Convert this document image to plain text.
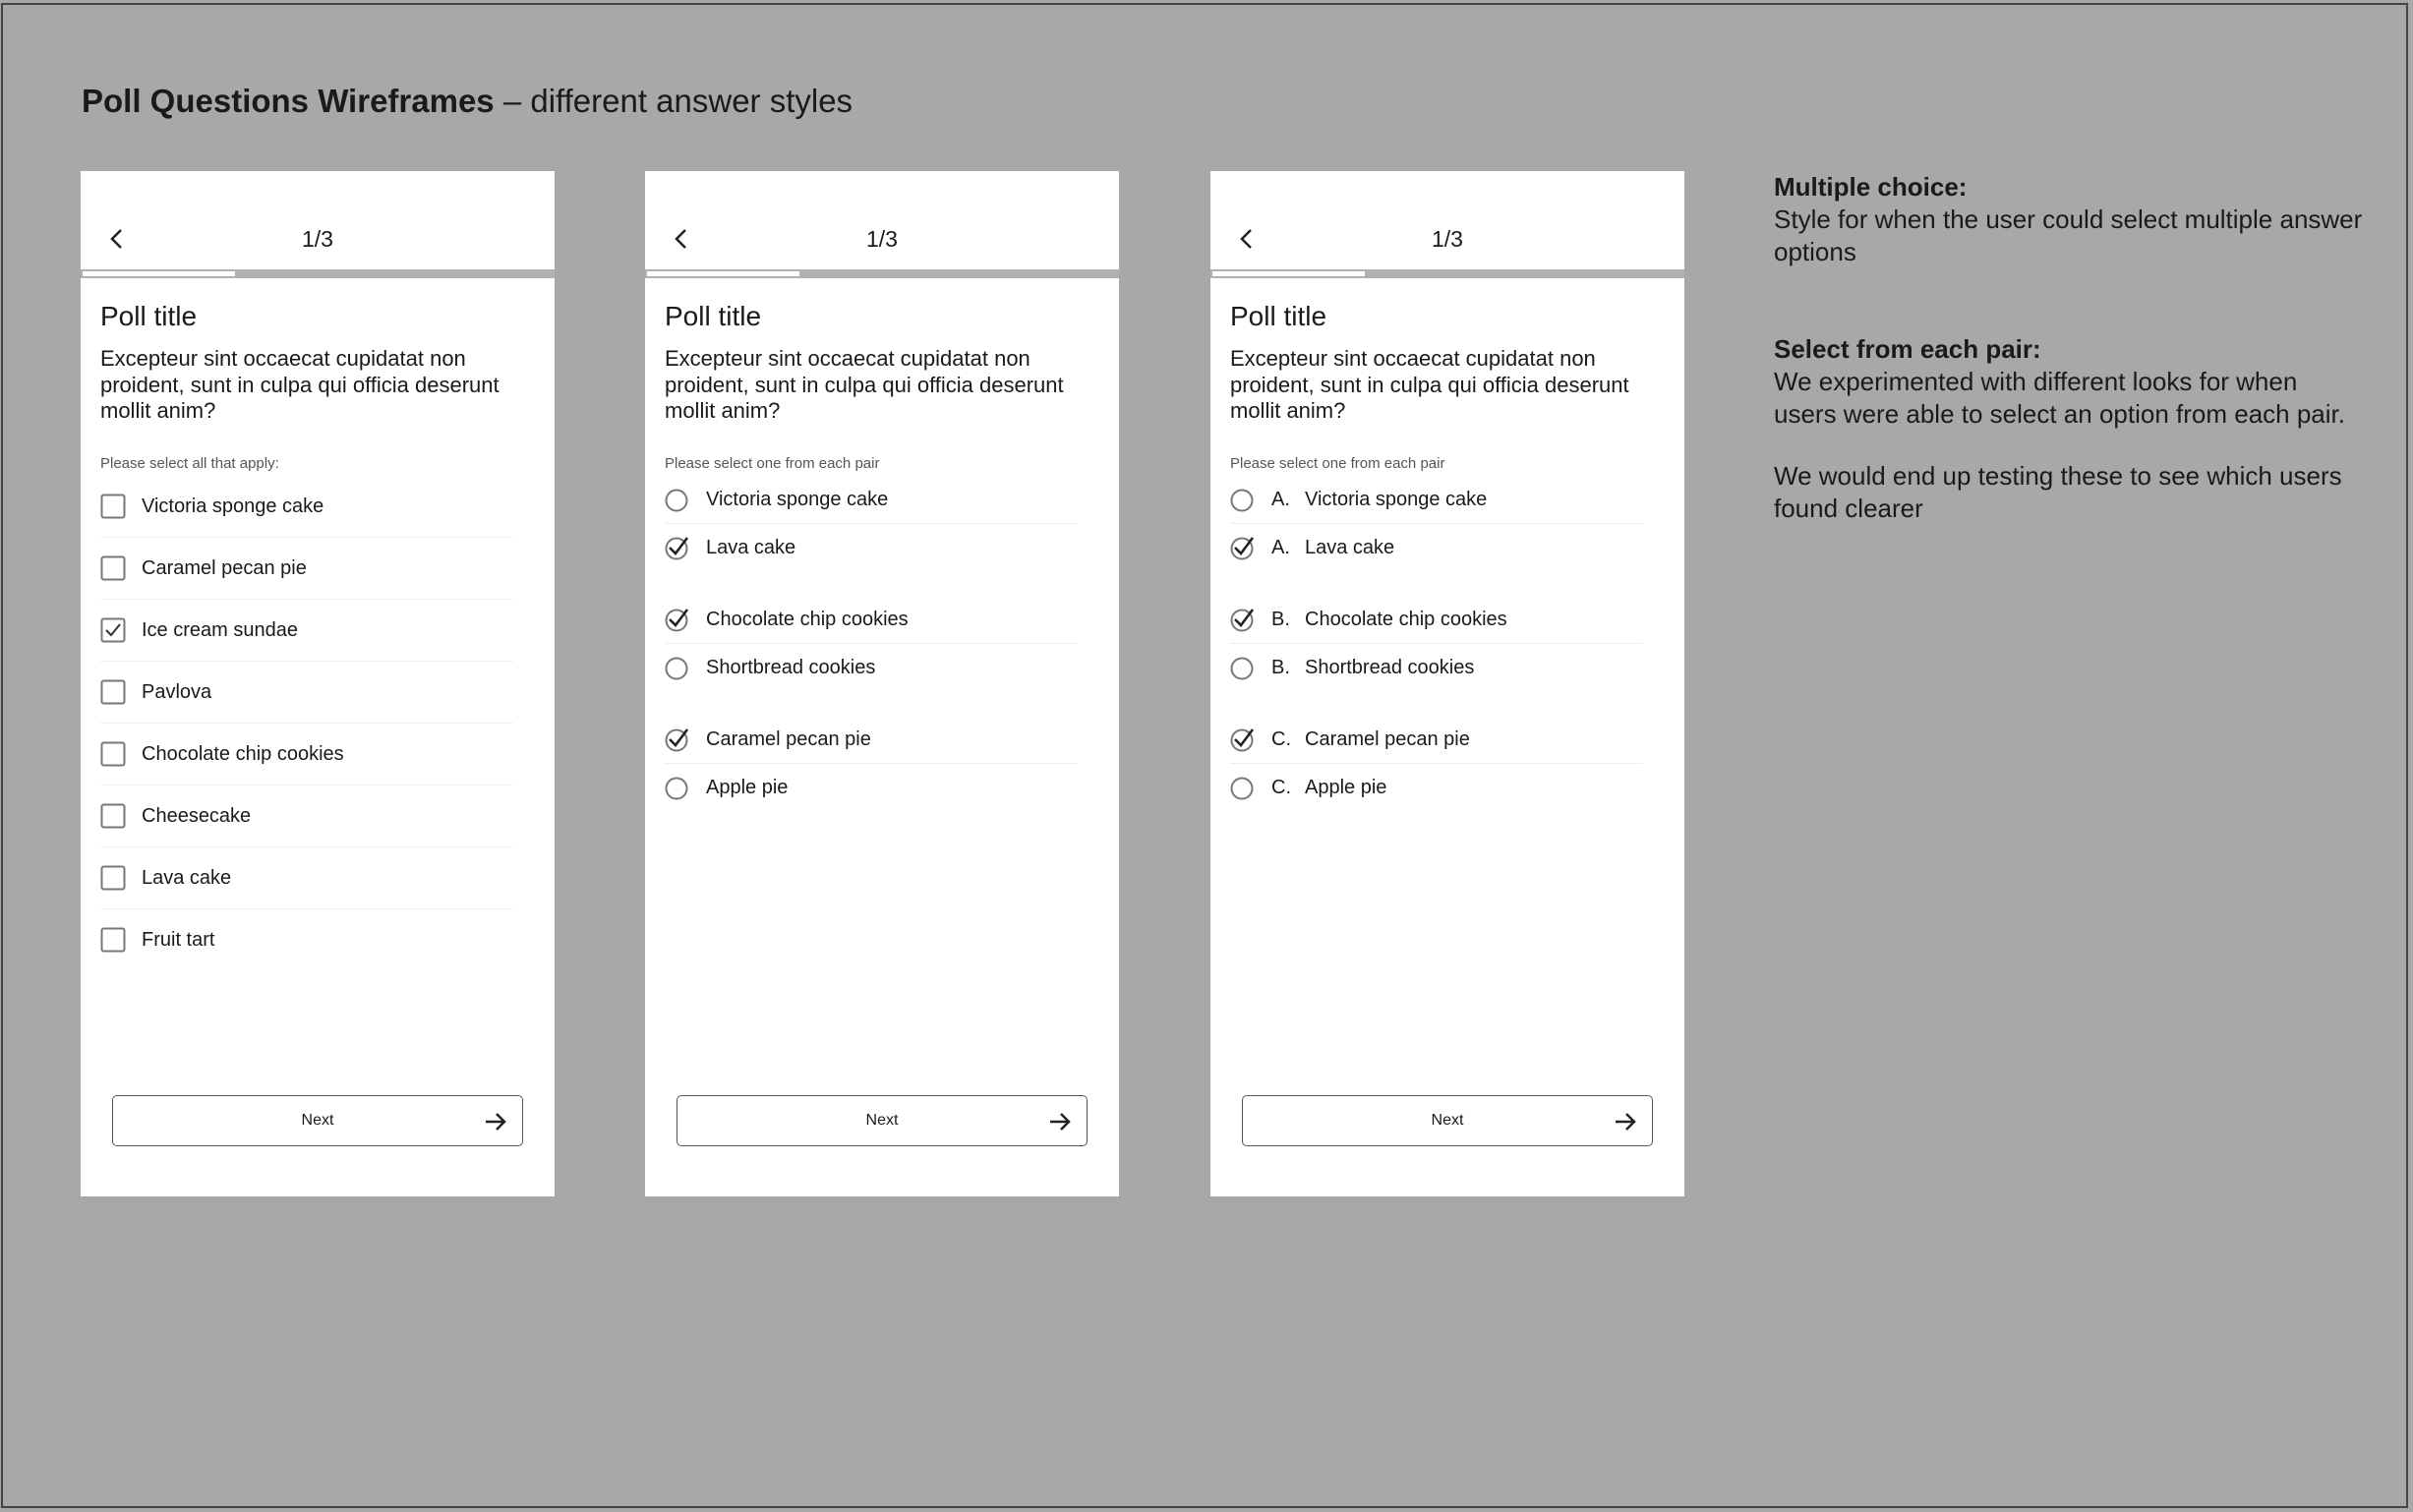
Poll Questions Wireframes – different answer styles
1/3
Poll title
Excepteur sint occaecat cupidatat non proident, sunt in culpa qui officia deserunt mollit anim?
Please select all that apply:
Victoria sponge cake
Caramel pecan pie
Ice cream sundae
Pavlova
Chocolate chip cookies
Cheesecake
Lava cake
Fruit tart
Next
1/3
Poll title
Excepteur sint occaecat cupidatat non proident, sunt in culpa qui officia deserunt mollit anim?
Please select one from each pair
Victoria sponge cake
Lava cake
Chocolate chip cookies
Shortbread cookies
Caramel pecan pie
Apple pie
Next
1/3
Poll title
Excepteur sint occaecat cupidatat non proident, sunt in culpa qui officia deserunt mollit anim?
Please select one from each pair
A. Victoria sponge cake
A. Lava cake
B. Chocolate chip cookies
B. Shortbread cookies
C. Caramel pecan pie
C. Apple pie
Next
Multiple choice:

Style for when the user could select multiple answer options

Select from each pair:

We experimented with different looks for when users were able to select an option from each pair.

We would end up testing these to see which users found clearer
